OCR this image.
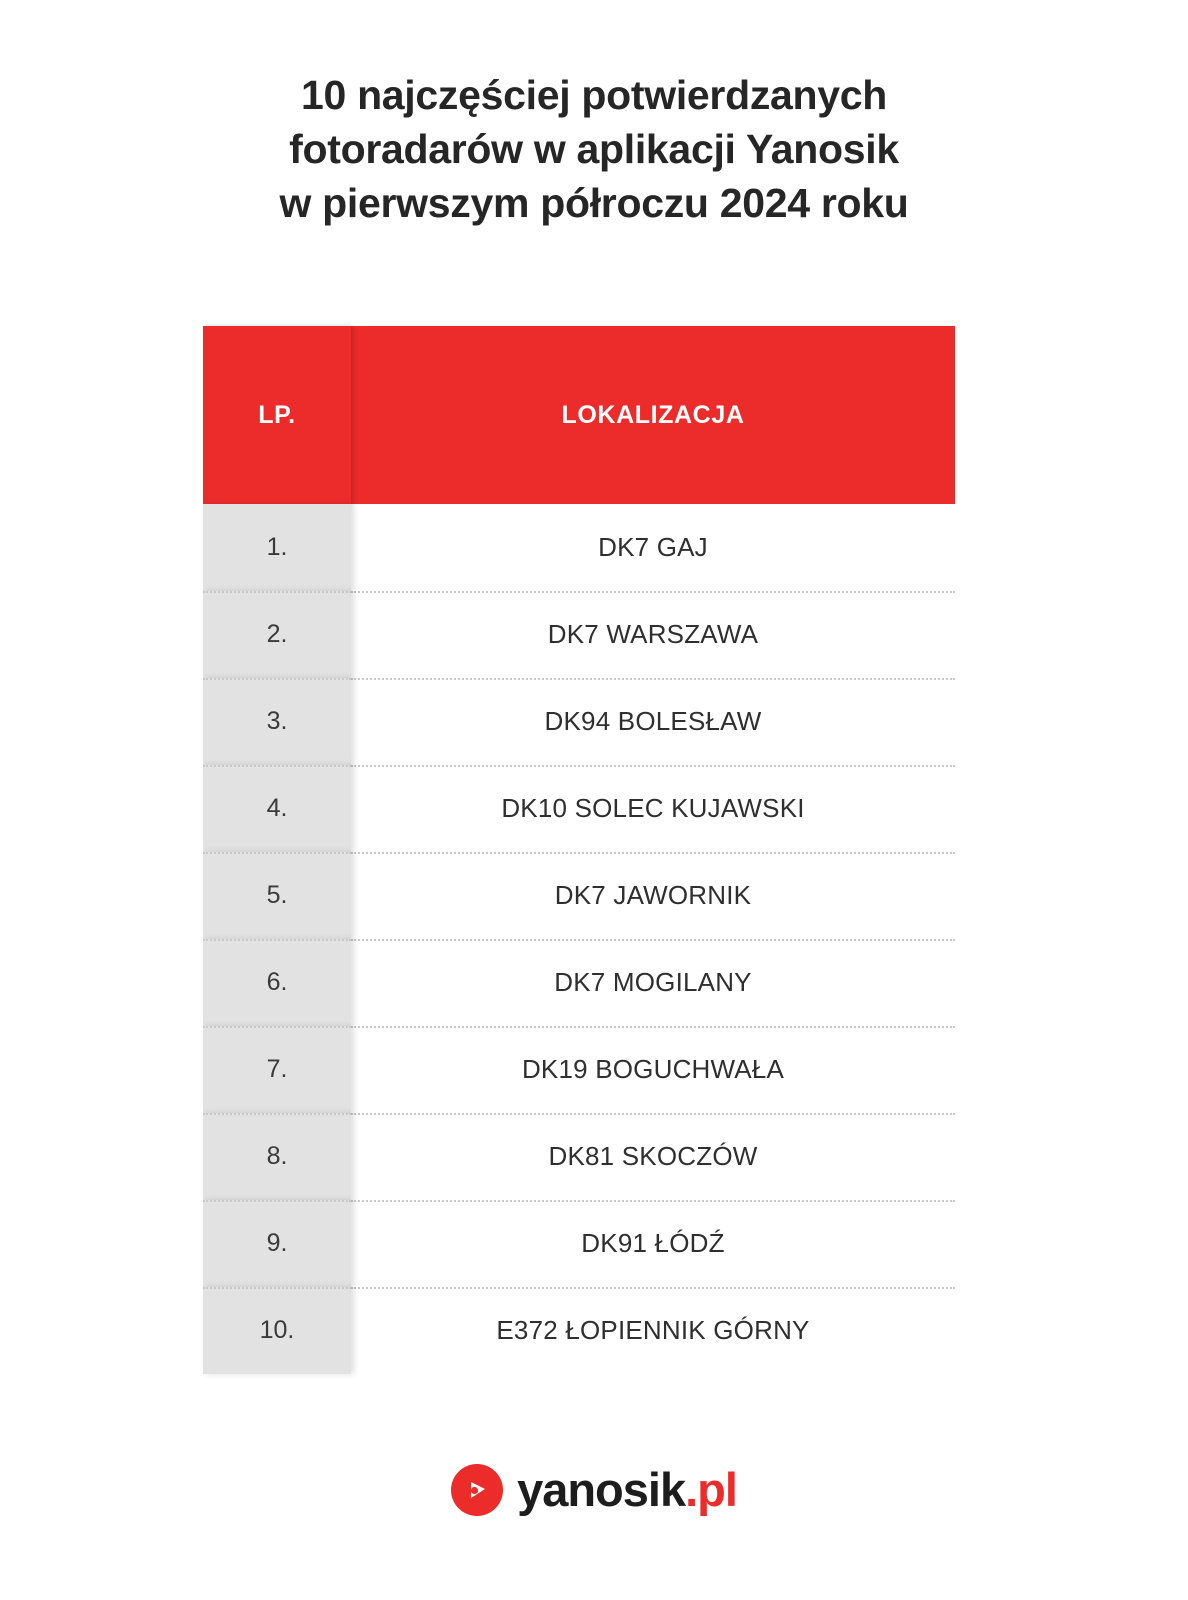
10 najczęściej potwierdzanych
fotoradarów w aplikacji Yanosik
w pierwszym półroczu 2024 roku
LP.	LOKALIZACJA
1.	DK7 GAJ
2.	DK7 WARSZAWA
3.	DK94 BOLESŁAW
4.	DK10 SOLEC KUJAWSKI
5.	DK7 JAWORNIK
6.	DK7 MOGILANY
7.	DK19 BOGUCHWAŁA
8.	DK81 SKOCZÓW
9.	DK91 ŁÓDŹ
10.	E372 ŁOPIENNIK GÓRNY
yanosik.pl
